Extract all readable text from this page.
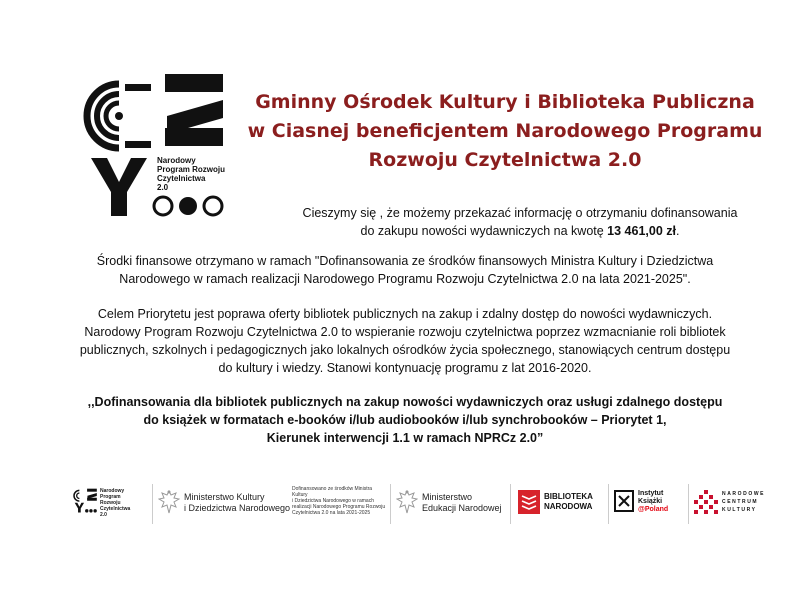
Narodowy
Program Rozwoju
Czytelnictwa
2.0
Gminny Ośrodek Kultury i Biblioteka Publiczna
w Ciasnej beneficjentem Narodowego Programu
Rozwoju Czytelnictwa 2.0
Cieszymy się , że możemy przekazać informację o otrzymaniu dofinansowania
do zakupu nowości wydawniczych na kwotę 13 461,00 zł.
Środki finansowe otrzymano w ramach "Dofinansowania ze środków finansowych Ministra Kultury i Dziedzictwa
Narodowego w ramach realizacji Narodowego Programu Rozwoju Czytelnictwa 2.0 na lata 2021-2025".
Celem Priorytetu jest poprawa oferty bibliotek publicznych na zakup i zdalny dostęp do nowości wydawniczych.
Narodowy Program Rozwoju Czytelnictwa 2.0 to wspieranie rozwoju czytelnictwa poprzez wzmacnianie roli bibliotek
publicznych, szkolnych i pedagogicznych jako lokalnych ośrodków życia społecznego, stanowiących centrum dostępu
do kultury i wiedzy. Stanowi kontynuację programu z lat 2016-2020.
,,Dofinansowania dla bibliotek publicznych na zakup nowości wydawniczych oraz usługi zdalnego dostępu
do książek w formatach e-booków i/lub audiobooków i/lub synchrobooków – Priorytet 1,
Kierunek interwencji 1.1 w ramach NPRCz 2.0”
Narodowy
Program
Rozwoju
Czytelnictwa
2.0
Ministerstwo Kultury
i Dziedzictwa Narodowego
Dofinansowano ze środków Ministra Kultury
i Dziedzictwa Narodowego w ramach
realizacji Narodowego Programu Rozwoju
Czytelnictwa 2.0 na lata 2021-2025
Ministerstwo
Edukacji Narodowej
BIBLIOTEKA
NARODOWA
Instytut
Książki
@Poland
NARODOWE
CENTRUM
KULTURY
